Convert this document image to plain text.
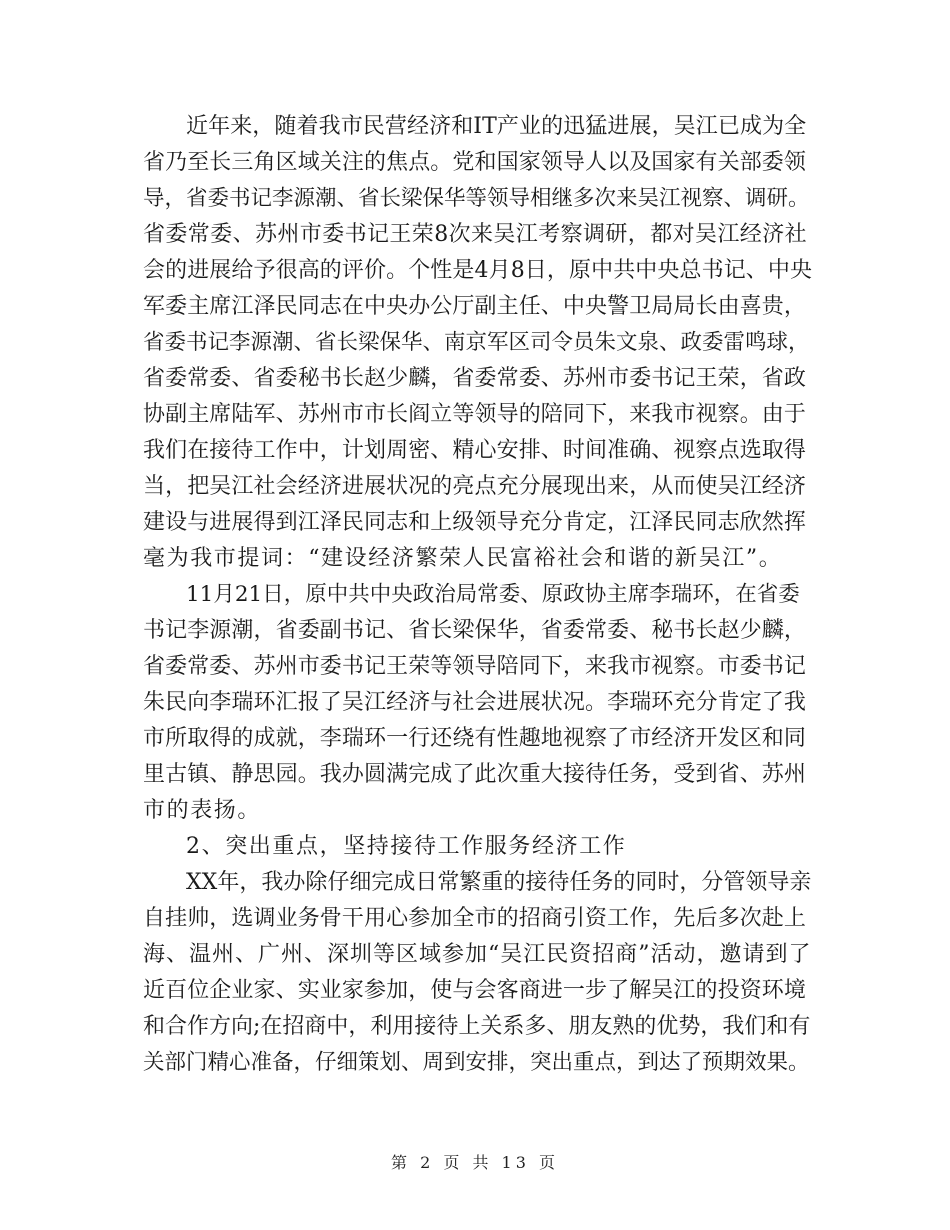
近年来，随着我市民营经济和IT产业的迅猛进展，吴江已成为全
省乃至长三角区域关注的焦点。党和国家领导人以及国家有关部委领
导，省委书记李源潮、省长梁保华等领导相继多次来吴江视察、调研。
省委常委、苏州市委书记王荣8次来吴江考察调研，都对吴江经济社
会的进展给予很高的评价。个性是4月8日，原中共中央总书记、中央
军委主席江泽民同志在中央办公厅副主任、中央警卫局局长由喜贵，
省委书记李源潮、省长梁保华、南京军区司令员朱文泉、政委雷鸣球，
省委常委、省委秘书长赵少麟，省委常委、苏州市委书记王荣，省政
协副主席陆军、苏州市市长阎立等领导的陪同下，来我市视察。由于
我们在接待工作中，计划周密、精心安排、时间准确、视察点选取得
当，把吴江社会经济进展状况的亮点充分展现出来，从而使吴江经济
建设与进展得到江泽民同志和上级领导充分肯定，江泽民同志欣然挥
毫为我市提词：“建设经济繁荣人民富裕社会和谐的新吴江”。
11月21日，原中共中央政治局常委、原政协主席李瑞环，在省委
书记李源潮，省委副书记、省长梁保华，省委常委、秘书长赵少麟，
省委常委、苏州市委书记王荣等领导陪同下，来我市视察。市委书记
朱民向李瑞环汇报了吴江经济与社会进展状况。李瑞环充分肯定了我
市所取得的成就，李瑞环一行还绕有性趣地视察了市经济开发区和同
里古镇、静思园。我办圆满完成了此次重大接待任务，受到省、苏州
市的表扬。
2、突出重点，坚持接待工作服务经济工作
XX年，我办除仔细完成日常繁重的接待任务的同时，分管领导亲
自挂帅，选调业务骨干用心参加全市的招商引资工作，先后多次赴上
海、温州、广州、深圳等区域参加“吴江民资招商”活动，邀请到了
近百位企业家、实业家参加，使与会客商进一步了解吴江的投资环境
和合作方向;在招商中，利用接待上关系多、朋友熟的优势，我们和有
关部门精心准备，仔细策划、周到安排，突出重点，到达了预期效果。
第 2 页 共 13 页
